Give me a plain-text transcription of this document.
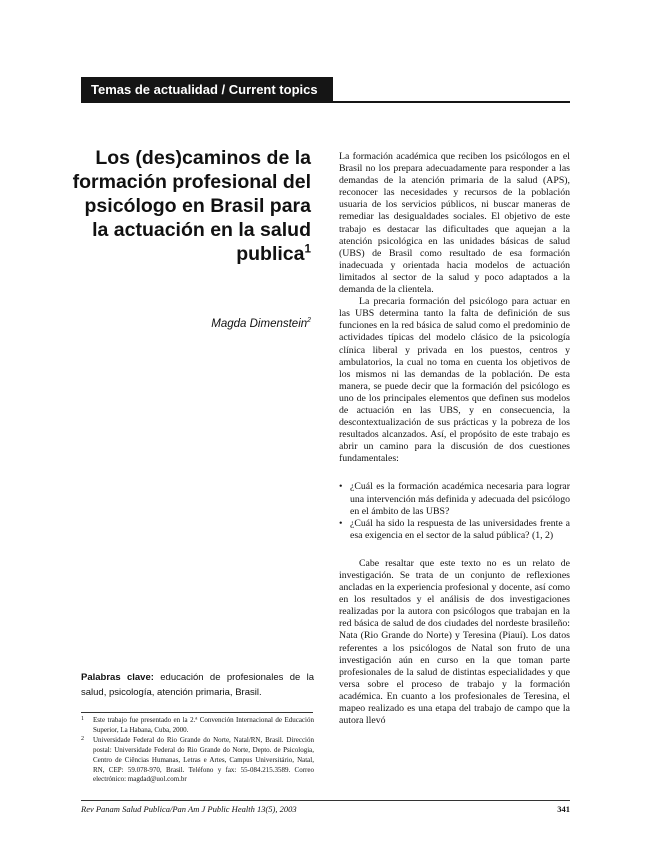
Temas de actualidad / Current topics
Los (des)caminos de la formación profesional del psicólogo en Brasil para la actuación en la salud publica$^1$
Magda Dimenstein$^2$
Palabras clave: educación de profesionales de la salud, psicología, atención primaria, Brasil.
1 Este trabajo fue presentado en la 2.ª Convención Internacional de Educación Superior, La Habana, Cuba, 2000.
2 Universidade Federal do Rio Grande do Norte, Natal/RN, Brasil. Dirección postal: Universidade Federal do Rio Grande do Norte, Depto. de Psicologia, Centro de Ciências Humanas, Letras e Artes, Campus Universitário, Natal, RN, CEP: 59.078-970, Brasil. Teléfono y fax: 55-084.215.3589. Correo electrónico: magdad@uol.com.br

La formación académica que reciben los psicólogos en el Brasil no los prepara adecuadamente para responder a las demandas de la atención primaria de la salud (APS), reconocer las necesidades y recursos de la población usuaria de los servicios públicos, ni buscar maneras de remediar las desigualdades sociales. El objetivo de este trabajo es destacar las dificultades que aquejan a la atención psicológica en las unidades básicas de salud (UBS) de Brasil como resultado de esa formación inadecuada y orientada hacia modelos de actuación limitados al sector de la salud y poco adaptados a la demanda de la clientela.

La precaria formación del psicólogo para actuar en las UBS determina tanto la falta de definición de sus funciones en la red básica de salud como el predominio de actividades típicas del modelo clásico de la psicología clínica liberal y privada en los puestos, centros y ambulatorios, la cual no toma en cuenta los objetivos de los mismos ni las demandas de la población. De esta manera, se puede decir que la formación del psicólogo es uno de los principales elementos que definen sus modelos de actuación en las UBS, y en consecuencia, la descontextualización de sus prácticas y la pobreza de los resultados alcanzados. Así, el propósito de este trabajo es abrir un camino para la discusión de dos cuestiones fundamentales:

• ¿Cuál es la formación académica necesaria para lograr una intervención más definida y adecuada del psicólogo en el ámbito de las UBS?
• ¿Cuál ha sido la respuesta de las universidades frente a esa exigencia en el sector de la salud pública? (1, 2)

Cabe resaltar que este texto no es un relato de investigación. Se trata de un conjunto de reflexiones ancladas en la experiencia profesional y docente, así como en los resultados y el análisis de dos investigaciones realizadas por la autora con psicólogos que trabajan en la red básica de salud de dos ciudades del nordeste brasileño: Nata (Rio Grande do Norte) y Teresina (Piauí). Los datos referentes a los psicólogos de Natal son fruto de una investigación aún en curso en la que toman parte profesionales de la salud de distintas especialidades y que versa sobre el proceso de trabajo y la formación académica. En cuanto a los profesionales de Teresina, el mapeo realizado es una etapa del trabajo de campo que la autora llevó

Rev Panam Salud Publica/Pan Am J Public Health 13(5), 2003	341
